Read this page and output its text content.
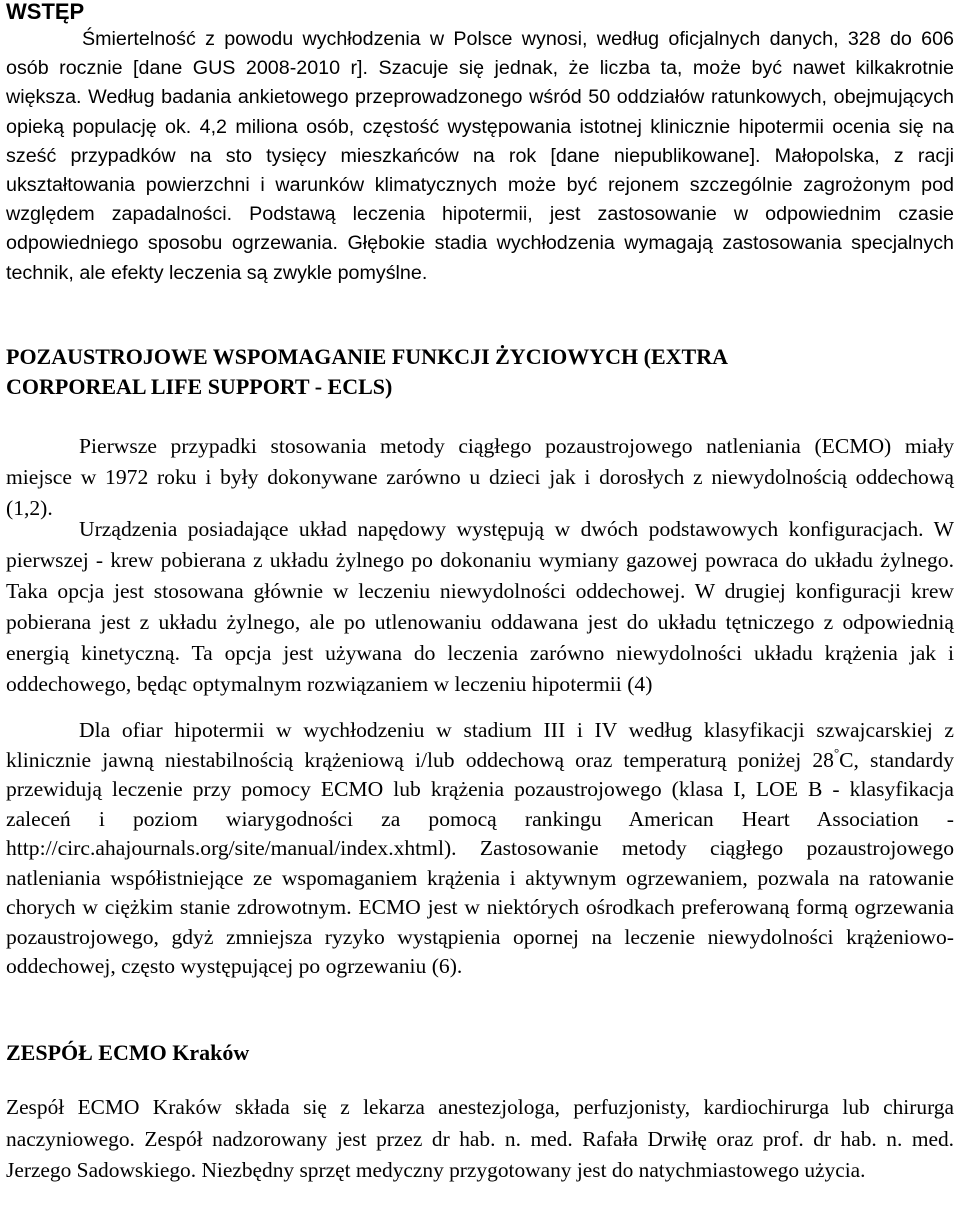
WSTĘP

Śmiertelność z powodu wychłodzenia w Polsce wynosi, według oficjalnych danych, 328 do 606 osób rocznie [dane GUS 2008-2010 r]. Szacuje się jednak, że liczba ta, może być nawet kilkakrotnie większa. Według badania ankietowego przeprowadzonego wśród 50 oddziałów ratunkowych, obejmujących opieką populację ok. 4,2 miliona osób, częstość występowania istotnej klinicznie hipotermii ocenia się na sześć przypadków na sto tysięcy mieszkańców na rok [dane niepublikowane]. Małopolska, z racji ukształtowania powierzchni i warunków klimatycznych może być rejonem szczególnie zagrożonym pod względem zapadalności. Podstawą leczenia hipotermii, jest zastosowanie w odpowiednim czasie odpowiedniego sposobu ogrzewania. Głębokie stadia wychłodzenia wymagają zastosowania specjalnych technik, ale efekty leczenia są zwykle pomyślne.

POZAUSTROJOWE WSPOMAGANIE FUNKCJI ŻYCIOWYCH (EXTRA
CORPOREAL LIFE SUPPORT - ECLS)

Pierwsze przypadki stosowania metody ciągłego pozaustrojowego natleniania (ECMO) miały miejsce w 1972 roku i były dokonywane zarówno u dzieci jak i dorosłych z niewydolnością oddechową (1,2).

Urządzenia posiadające układ napędowy występują w dwóch podstawowych konfiguracjach. W pierwszej - krew pobierana z układu żylnego po dokonaniu wymiany gazowej powraca do układu żylnego. Taka opcja jest stosowana głównie w leczeniu niewydolności oddechowej. W drugiej konfiguracji krew pobierana jest z układu żylnego, ale po utlenowaniu oddawana jest do układu tętniczego z odpowiednią energią kinetyczną. Ta opcja jest używana do leczenia zarówno niewydolności układu krążenia jak i oddechowego, będąc optymalnym rozwiązaniem w leczeniu hipotermii (4)

Dla ofiar hipotermii w wychłodzeniu w stadium III i IV według klasyfikacji szwajcarskiej z klinicznie jawną niestabilnością krążeniową i/lub oddechową oraz temperaturą poniżej 28°C, standardy przewidują leczenie przy pomocy ECMO lub krążenia pozaustrojowego (klasa I, LOE B - klasyfikacja zaleceń i poziom wiarygodności za pomocą rankingu American Heart Association - http://circ.ahajournals.org/site/manual/index.xhtml). Zastosowanie metody ciągłego pozaustrojowego natleniania współistniejące ze wspomaganiem krążenia i aktywnym ogrzewaniem, pozwala na ratowanie chorych w ciężkim stanie zdrowotnym. ECMO jest w niektórych ośrodkach preferowaną formą ogrzewania pozaustrojowego, gdyż zmniejsza ryzyko wystąpienia opornej na leczenie niewydolności krążeniowo-oddechowej, często występującej po ogrzewaniu (6).

ZESPÓŁ ECMO Kraków

Zespół ECMO Kraków składa się z lekarza anestezjologa, perfuzjonisty, kardiochirurga lub chirurga naczyniowego. Zespół nadzorowany jest przez dr hab. n. med. Rafała Drwiłę oraz prof. dr hab. n. med. Jerzego Sadowskiego. Niezbędny sprzęt medyczny przygotowany jest do natychmiastowego użycia.
